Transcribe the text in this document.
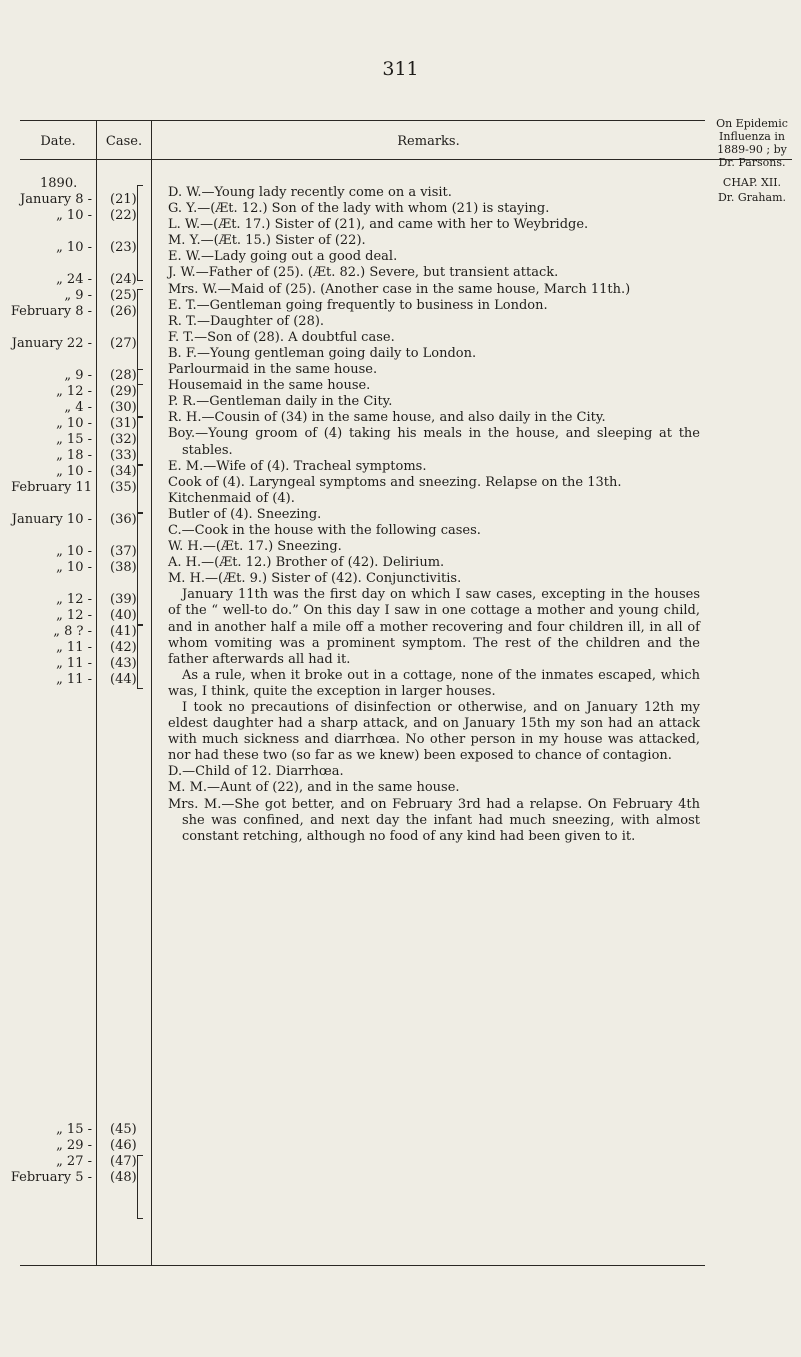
311
Date.	Case.	Remarks.
On Epidemic
Influenza in
1889-90 ; by
Dr. Parsons.
CHAP. XII.
Dr. Graham.
1890.
January 8 - (21)
„ 10 - (22)
„ 10 - (23)
„ 24 - (24)
„ 9 - (25)
February 8 - (26)
January 22 - (27)
„ 9 - (28)
„ 12 - (29)
„ 4 - (30)
„ 10 - (31)
„ 15 - (32)
„ 18 - (33)
„ 10 - (34)
February 11 (35)
January 10 - (36)
„ 10 - (37)
„ 10 - (38)
„ 12 - (39)
„ 12 - (40)
„ 8 ? - (41)
„ 11 - (42)
„ 11 - (43)
„ 11 - (44)
„ 15 - (45)
„ 29 - (46)
„ 27 - (47)
February 5 - (48)
D. W.—Young lady recently come on a visit.
G. Y.—(Æt. 12.) Son of the lady with whom (21) is staying.
L. W.—(Æt. 17.) Sister of (21), and came with her to Weybridge.
M. Y.—(Æt. 15.) Sister of (22).
E. W.—Lady going out a good deal.
J. W.—Father of (25). (Æt. 82.) Severe, but transient attack.
Mrs. W.—Maid of (25). (Another case in the same house, March 11th.)
E. T.—Gentleman going frequently to business in London.
R. T.—Daughter of (28).
F. T.—Son of (28). A doubtful case.
B. F.—Young gentleman going daily to London.
Parlourmaid in the same house.
Housemaid in the same house.
P. R.—Gentleman daily in the City.
R. H.—Cousin of (34) in the same house, and also daily in the City.
Boy.—Young groom of (4) taking his meals in the house, and sleeping at the stables.
E. M.—Wife of (4). Tracheal symptoms.
Cook of (4). Laryngeal symptoms and sneezing. Relapse on the 13th.
Kitchenmaid of (4).
Butler of (4). Sneezing.
C.—Cook in the house with the following cases.
W. H.—(Æt. 17.) Sneezing.
A. H.—(Æt. 12.) Brother of (42). Delirium.
M. H.—(Æt. 9.) Sister of (42). Conjunctivitis.

January 11th was the first day on which I saw cases, excepting in the houses of the “ well-to do.” On this day I saw in one cottage a mother and young child, and in another half a mile off a mother recovering and four children ill, in all of whom vomiting was a prominent symptom. The rest of the children and the father afterwards all had it.

As a rule, when it broke out in a cottage, none of the inmates escaped, which was, I think, quite the exception in larger houses.

I took no precautions of disinfection or otherwise, and on January 12th my eldest daughter had a sharp attack, and on January 15th my son had an attack with much sickness and diarrhœa. No other person in my house was attacked, nor had these two (so far as we knew) been exposed to chance of contagion.

D.—Child of 12. Diarrhœa.
M. M.—Aunt of (22), and in the same house.
Mrs. M.—She got better, and on February 3rd had a relapse. On February 4th she was confined, and next day the infant had much sneezing, with almost constant retching, although no food of any kind had been given to it.
